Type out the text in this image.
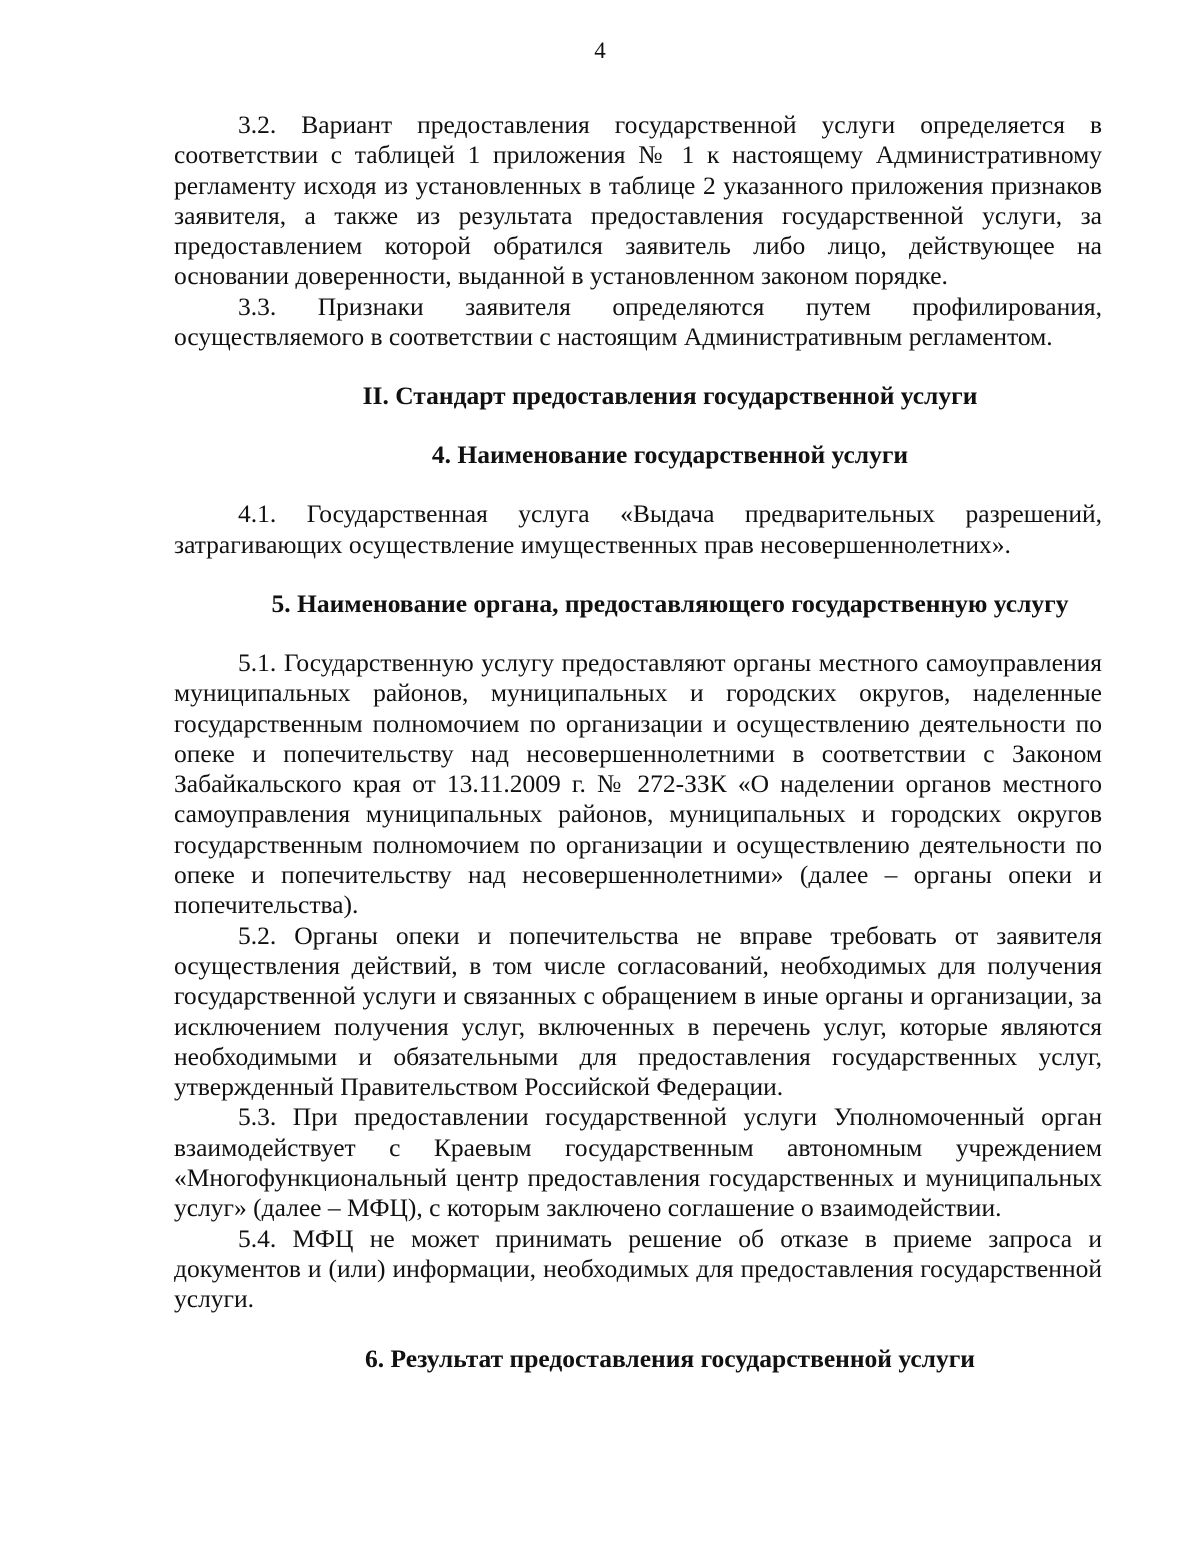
4

3.2. Вариант предоставления государственной услуги определяется в соответствии с таблицей 1 приложения № 1 к настоящему Административному регламенту исходя из установленных в таблице 2 указанного приложения признаков заявителя, а также из результата предоставления государственной услуги, за предоставлением которой обратился заявитель либо лицо, действующее на основании доверенности, выданной в установленном законом порядке.

3.3. Признаки заявителя определяются путем профилирования, осуществляемого в соответствии с настоящим Административным регламентом.

II. Стандарт предоставления государственной услуги
4. Наименование государственной услуги

4.1. Государственная услуга «Выдача предварительных разрешений, затрагивающих осуществление имущественных прав несовершеннолетних».

5. Наименование органа, предоставляющего государственную услугу

5.1. Государственную услугу предоставляют органы местного самоуправления муниципальных районов, муниципальных и городских округов, наделенные государственным полномочием по организации и осуществлению деятельности по опеке и попечительству над несовершеннолетними в соответствии с Законом Забайкальского края от 13.11.2009 г. № 272-ЗЗК «О наделении органов местного самоуправления муниципальных районов, муниципальных и городских округов государственным полномочием по организации и осуществлению деятельности по опеке и попечительству над несовершеннолетними» (далее – органы опеки и попечительства).

5.2. Органы опеки и попечительства не вправе требовать от заявителя осуществления действий, в том числе согласований, необходимых для получения государственной услуги и связанных с обращением в иные органы и организации, за исключением получения услуг, включенных в перечень услуг, которые являются необходимыми и обязательными для предоставления государственных услуг, утвержденный Правительством Российской Федерации.

5.3. При предоставлении государственной услуги Уполномоченный орган взаимодействует с Краевым государственным автономным учреждением «Многофункциональный центр предоставления государственных и муниципальных услуг» (далее – МФЦ), с которым заключено соглашение о взаимодействии.

5.4. МФЦ не может принимать решение об отказе в приеме запроса и документов и (или) информации, необходимых для предоставления государственной услуги.

6. Результат предоставления государственной услуги
